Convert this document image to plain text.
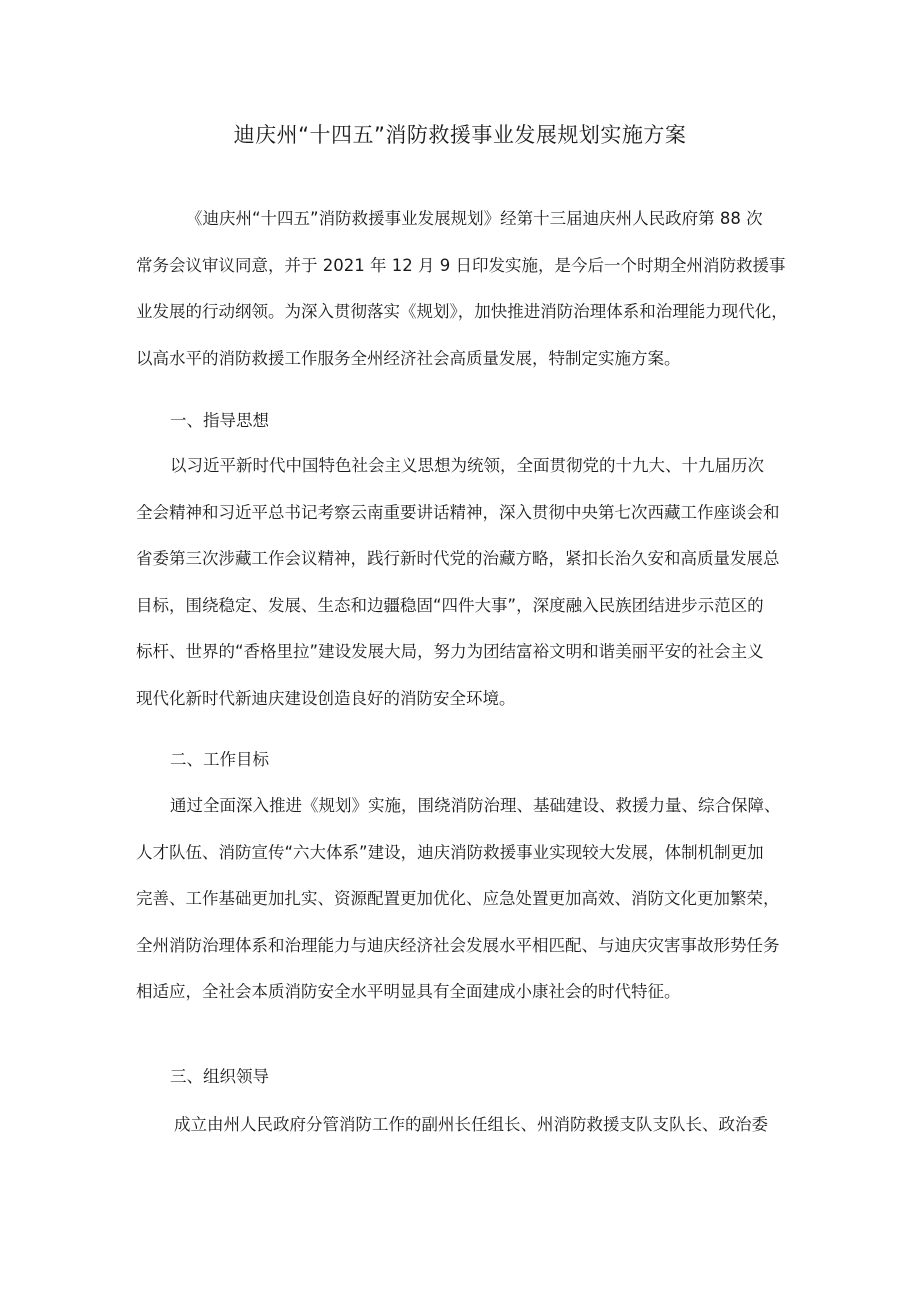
迪庆州“十四五”消防救援事业发展规划实施方案
《迪庆州“十四五”消防救援事业发展规划》经第十三届迪庆州人民政府第 88 次
常务会议审议同意，并于 2021 年 12 月 9 日印发实施，是今后一个时期全州消防救援事
业发展的行动纲领。为深入贯彻落实《规划》，加快推进消防治理体系和治理能力现代化，
以高水平的消防救援工作服务全州经济社会高质量发展，特制定实施方案。
一、指导思想
以习近平新时代中国特色社会主义思想为统领，全面贯彻党的十九大、十九届历次
全会精神和习近平总书记考察云南重要讲话精神，深入贯彻中央第七次西藏工作座谈会和
省委第三次涉藏工作会议精神，践行新时代党的治藏方略，紧扣长治久安和高质量发展总
目标，围绕稳定、发展、生态和边疆稳固“四件大事”，深度融入民族团结进步示范区的
标杆、世界的“香格里拉”建设发展大局，努力为团结富裕文明和谐美丽平安的社会主义
现代化新时代新迪庆建设创造良好的消防安全环境。
二、工作目标
通过全面深入推进《规划》实施，围绕消防治理、基础建设、救援力量、综合保障、
人才队伍、消防宣传“六大体系”建设，迪庆消防救援事业实现较大发展，体制机制更加
完善、工作基础更加扎实、资源配置更加优化、应急处置更加高效、消防文化更加繁荣，
全州消防治理体系和治理能力与迪庆经济社会发展水平相匹配、与迪庆灾害事故形势任务
相适应，全社会本质消防安全水平明显具有全面建成小康社会的时代特征。
三、组织领导
成立由州人民政府分管消防工作的副州长任组长、州消防救援支队支队长、政治委
